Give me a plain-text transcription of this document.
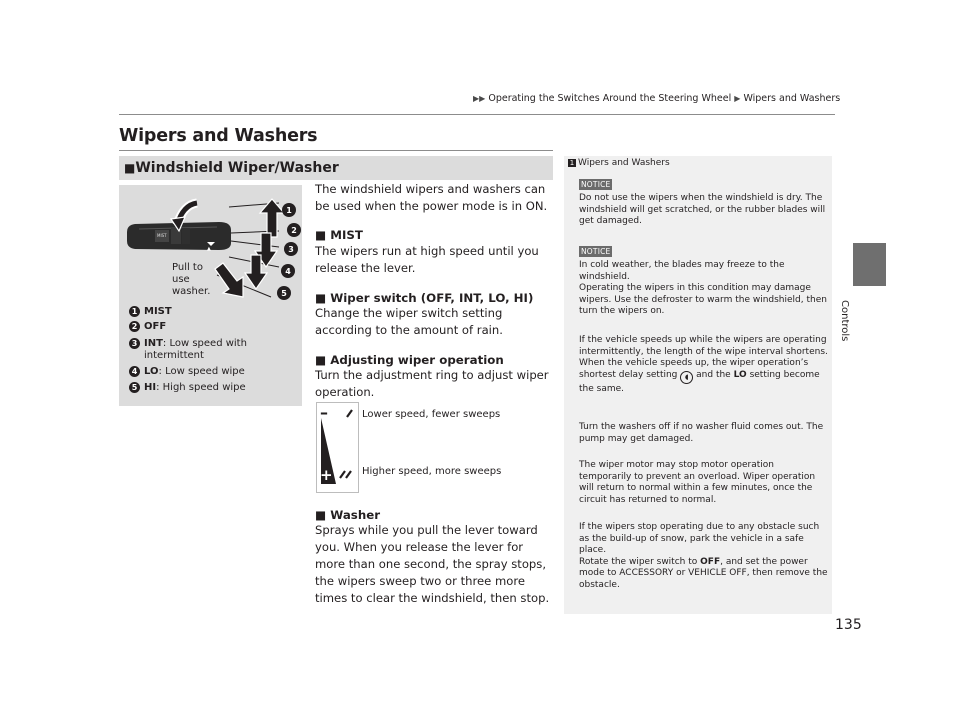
▶▶ Operating the Switches Around the Steering Wheel ▶ Wipers and Washers
Wipers and Washers
■Windshield Wiper/Washer
MIST
▲
1
2
3
4
5
Pull to
use
washer.
1 MIST
2 OFF
3 INT: Low speed with intermittent
4 LO: Low speed wipe
5 HI: High speed wipe
The windshield wipers and washers can be used when the power mode is in ON.
■ MIST
The wipers run at high speed until you release the lever.
■ Wiper switch (OFF, INT, LO, HI)
Change the wiper switch setting according to the amount of rain.
■ Adjusting wiper operation
Turn the adjustment ring to adjust wiper operation.
–
+
Lower speed, fewer sweeps
Higher speed, more sweeps
■ Washer
Sprays while you pull the lever toward you. When you release the lever for more than one second, the spray stops, the wipers sweep two or three more times to clear the windshield, then stop.
1 Wipers and Washers
NOTICE
Do not use the wipers when the windshield is dry. The windshield will get scratched, or the rubber blades will get damaged.
NOTICE
In cold weather, the blades may freeze to the windshield.
Operating the wipers in this condition may damage wipers. Use the defroster to warm the windshield, then turn the wipers on.
If the vehicle speeds up while the wipers are operating intermittently, the length of the wipe interval shortens.
When the vehicle speeds up, the wiper operation’s shortest delay setting ◖ and the LO setting become the same.
Turn the washers off if no washer fluid comes out. The pump may get damaged.
The wiper motor may stop motor operation temporarily to prevent an overload. Wiper operation will return to normal within a few minutes, once the circuit has returned to normal.
If the wipers stop operating due to any obstacle such as the build-up of snow, park the vehicle in a safe place.
Rotate the wiper switch to OFF, and set the power mode to ACCESSORY or VEHICLE OFF, then remove the obstacle.
Controls
135
